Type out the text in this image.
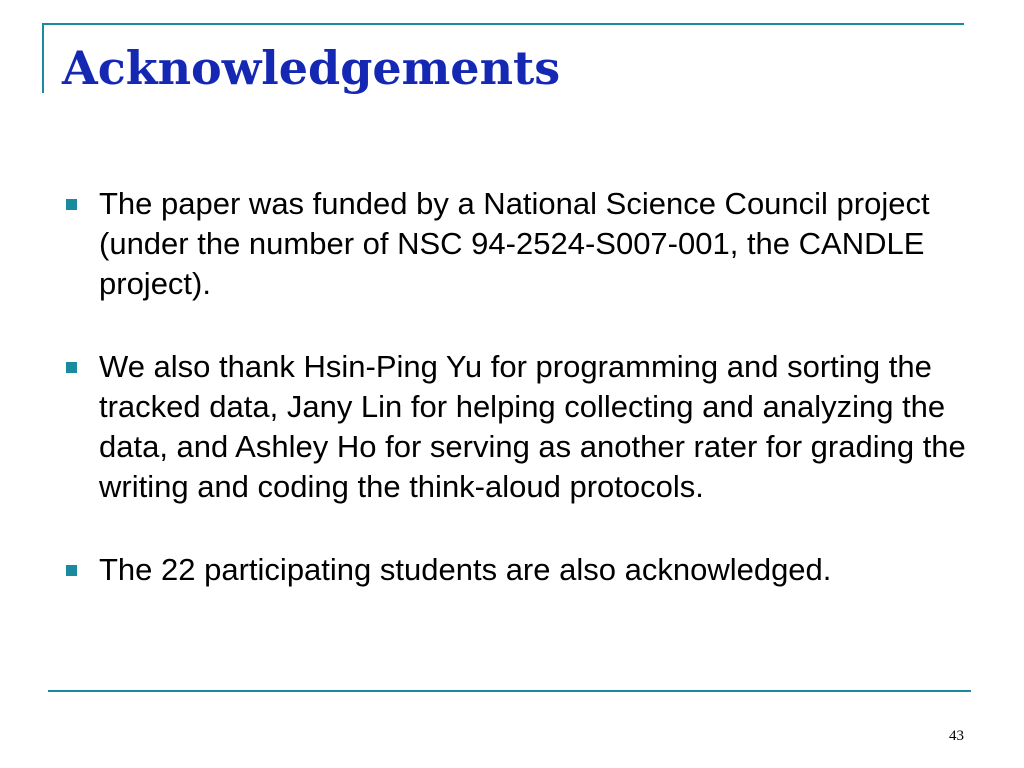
Acknowledgements
The paper was funded by a National Science Council project (under the number of NSC 94-2524-S007-001, the CANDLE project).
We also thank Hsin-Ping Yu for programming and sorting the tracked data, Jany Lin for helping collecting and analyzing the data, and Ashley Ho for serving as another rater for grading the writing and coding the think-aloud protocols.
The 22 participating students are also acknowledged.
43
